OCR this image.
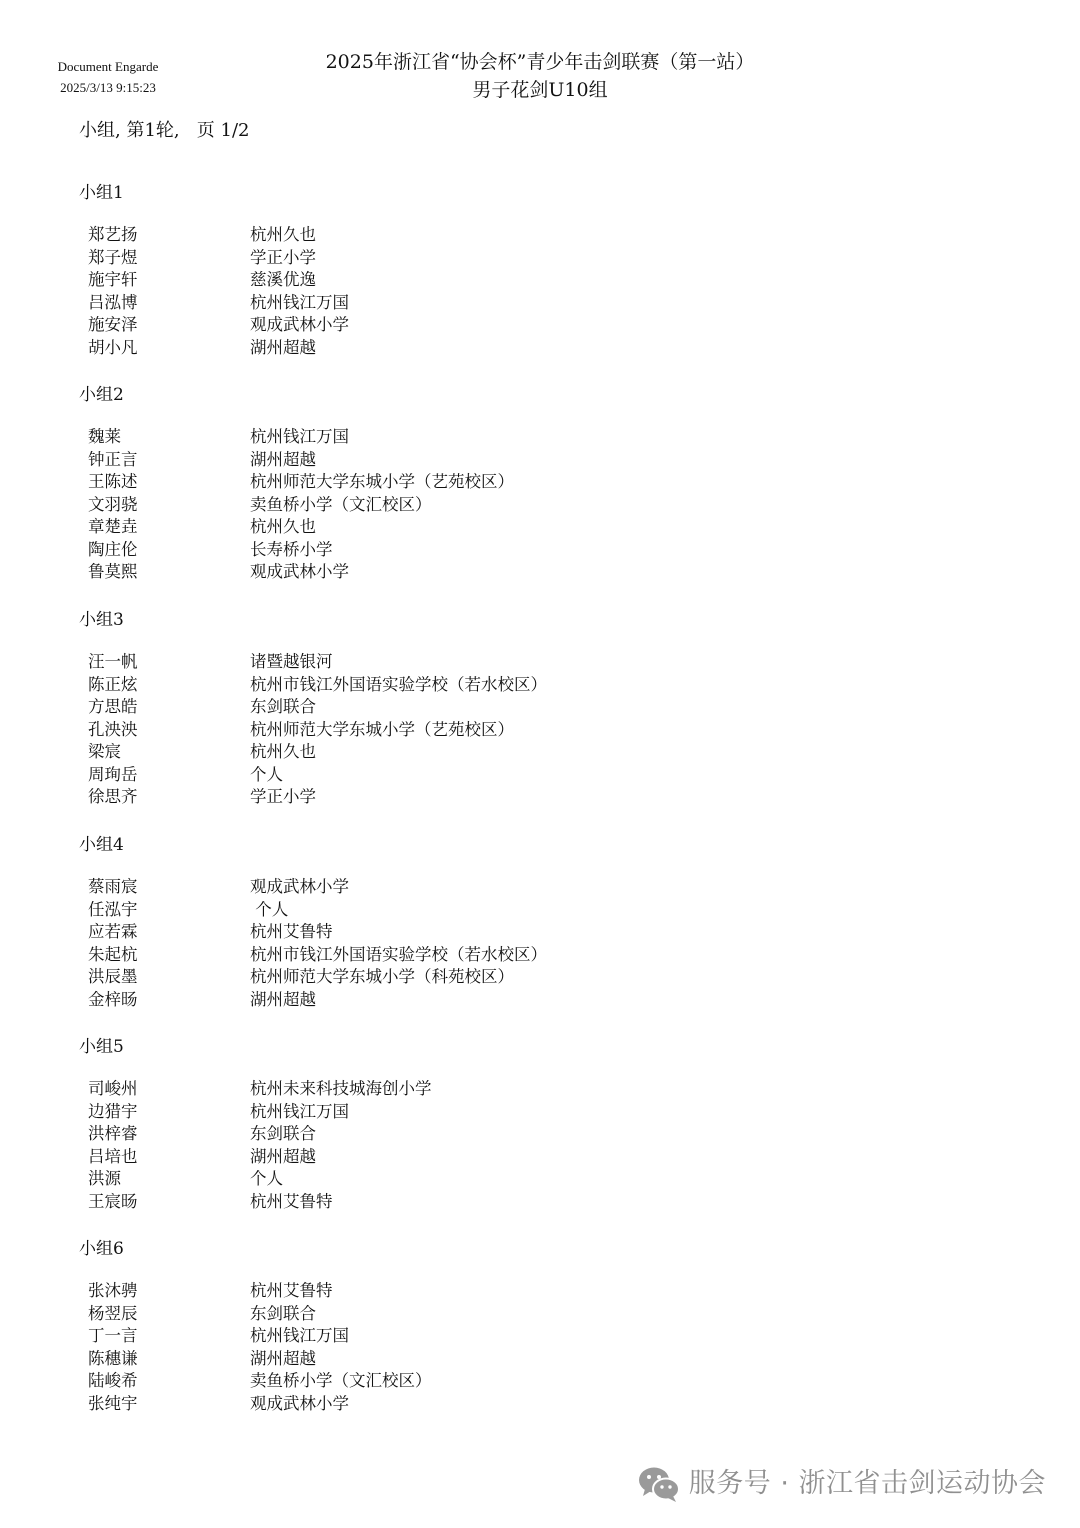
Document Engarde
2025/3/13 9:15:23
2025年浙江省“协会杯”青少年击剑联赛（第一站）
男子花剑U10组
小组, 第1轮,   页 1/2
小组1
郑艺扬	杭州久也
郑子煜	学正小学
施宇轩	慈溪优逸
吕泓博	杭州钱江万国
施安泽	观成武林小学
胡小凡	湖州超越
小组2
魏莱	杭州钱江万国
钟正言	湖州超越
王陈述	杭州师范大学东城小学（艺苑校区）
文羽骁	卖鱼桥小学（文汇校区）
章楚垚	杭州久也
陶庄伦	长寿桥小学
鲁莫熙	观成武林小学
小组3
汪一帆	诸暨越银河
陈正炫	杭州市钱江外国语实验学校（若水校区）
方思皓	东剑联合
孔泱泱	杭州师范大学东城小学（艺苑校区）
梁宸	杭州久也
周珣岳	个人
徐思齐	学正小学
小组4
蔡雨宸	观成武林小学
任泓宇	个人
应若霖	杭州艾鲁特
朱起杭	杭州市钱江外国语实验学校（若水校区）
洪辰墨	杭州师范大学东城小学（科苑校区）
金梓旸	湖州超越
小组5
司峻州	杭州未来科技城海创小学
边猎宇	杭州钱江万国
洪梓睿	东剑联合
吕培也	湖州超越
洪源	个人
王宸旸	杭州艾鲁特
小组6
张沐骋	杭州艾鲁特
杨翌辰	东剑联合
丁一言	杭州钱江万国
陈穗谦	湖州超越
陆峻希	卖鱼桥小学（文汇校区）
张纯宇	观成武林小学
服务号 · 浙江省击剑运动协会
